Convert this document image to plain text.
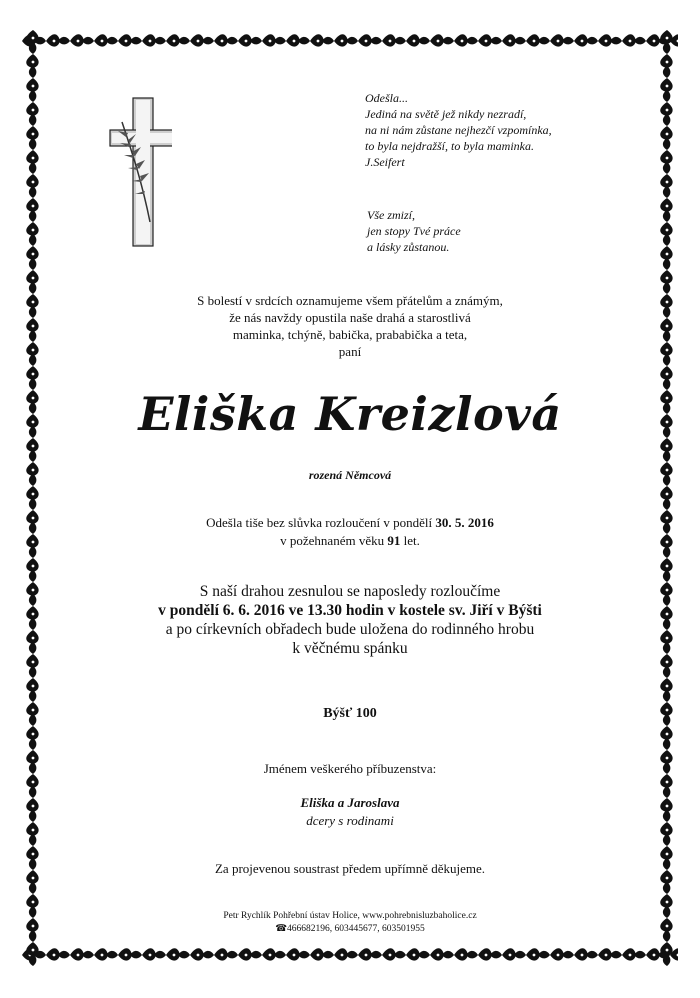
Odešla...
Jediná na světě jež nikdy nezradí,
na ni nám zůstane nejhezčí vzpomínka,
to byla nejdražší, to byla maminka.
J.Seifert
Vše zmizí,
jen stopy Tvé práce
a lásky zůstanou.
S bolestí v srdcích oznamujeme všem přátelům a známým,
že nás navždy opustila naše drahá a starostlivá
maminka, tchýně, babička, prababička a teta,
paní
Eliška Kreizlová
rozená Němcová
Odešla tiše bez slůvka rozloučení v pondělí 30. 5. 2016
v požehnaném věku 91 let.
S naší drahou zesnulou se naposledy rozloučíme
v pondělí 6. 6. 2016 ve 13.30 hodin v kostele sv. Jiří v Býšti
a po církevních obřadech bude uložena do rodinného hrobu
k věčnému spánku
Býšť 100
Jménem veškerého příbuzenstva:
Eliška a Jaroslava
dcery s rodinami
Za projevenou soustrast předem upřímně děkujeme.
Petr Rychlík Pohřební ústav Holice, www.pohrebnisluzbaholice.cz
☎466682196, 603445677, 603501955
